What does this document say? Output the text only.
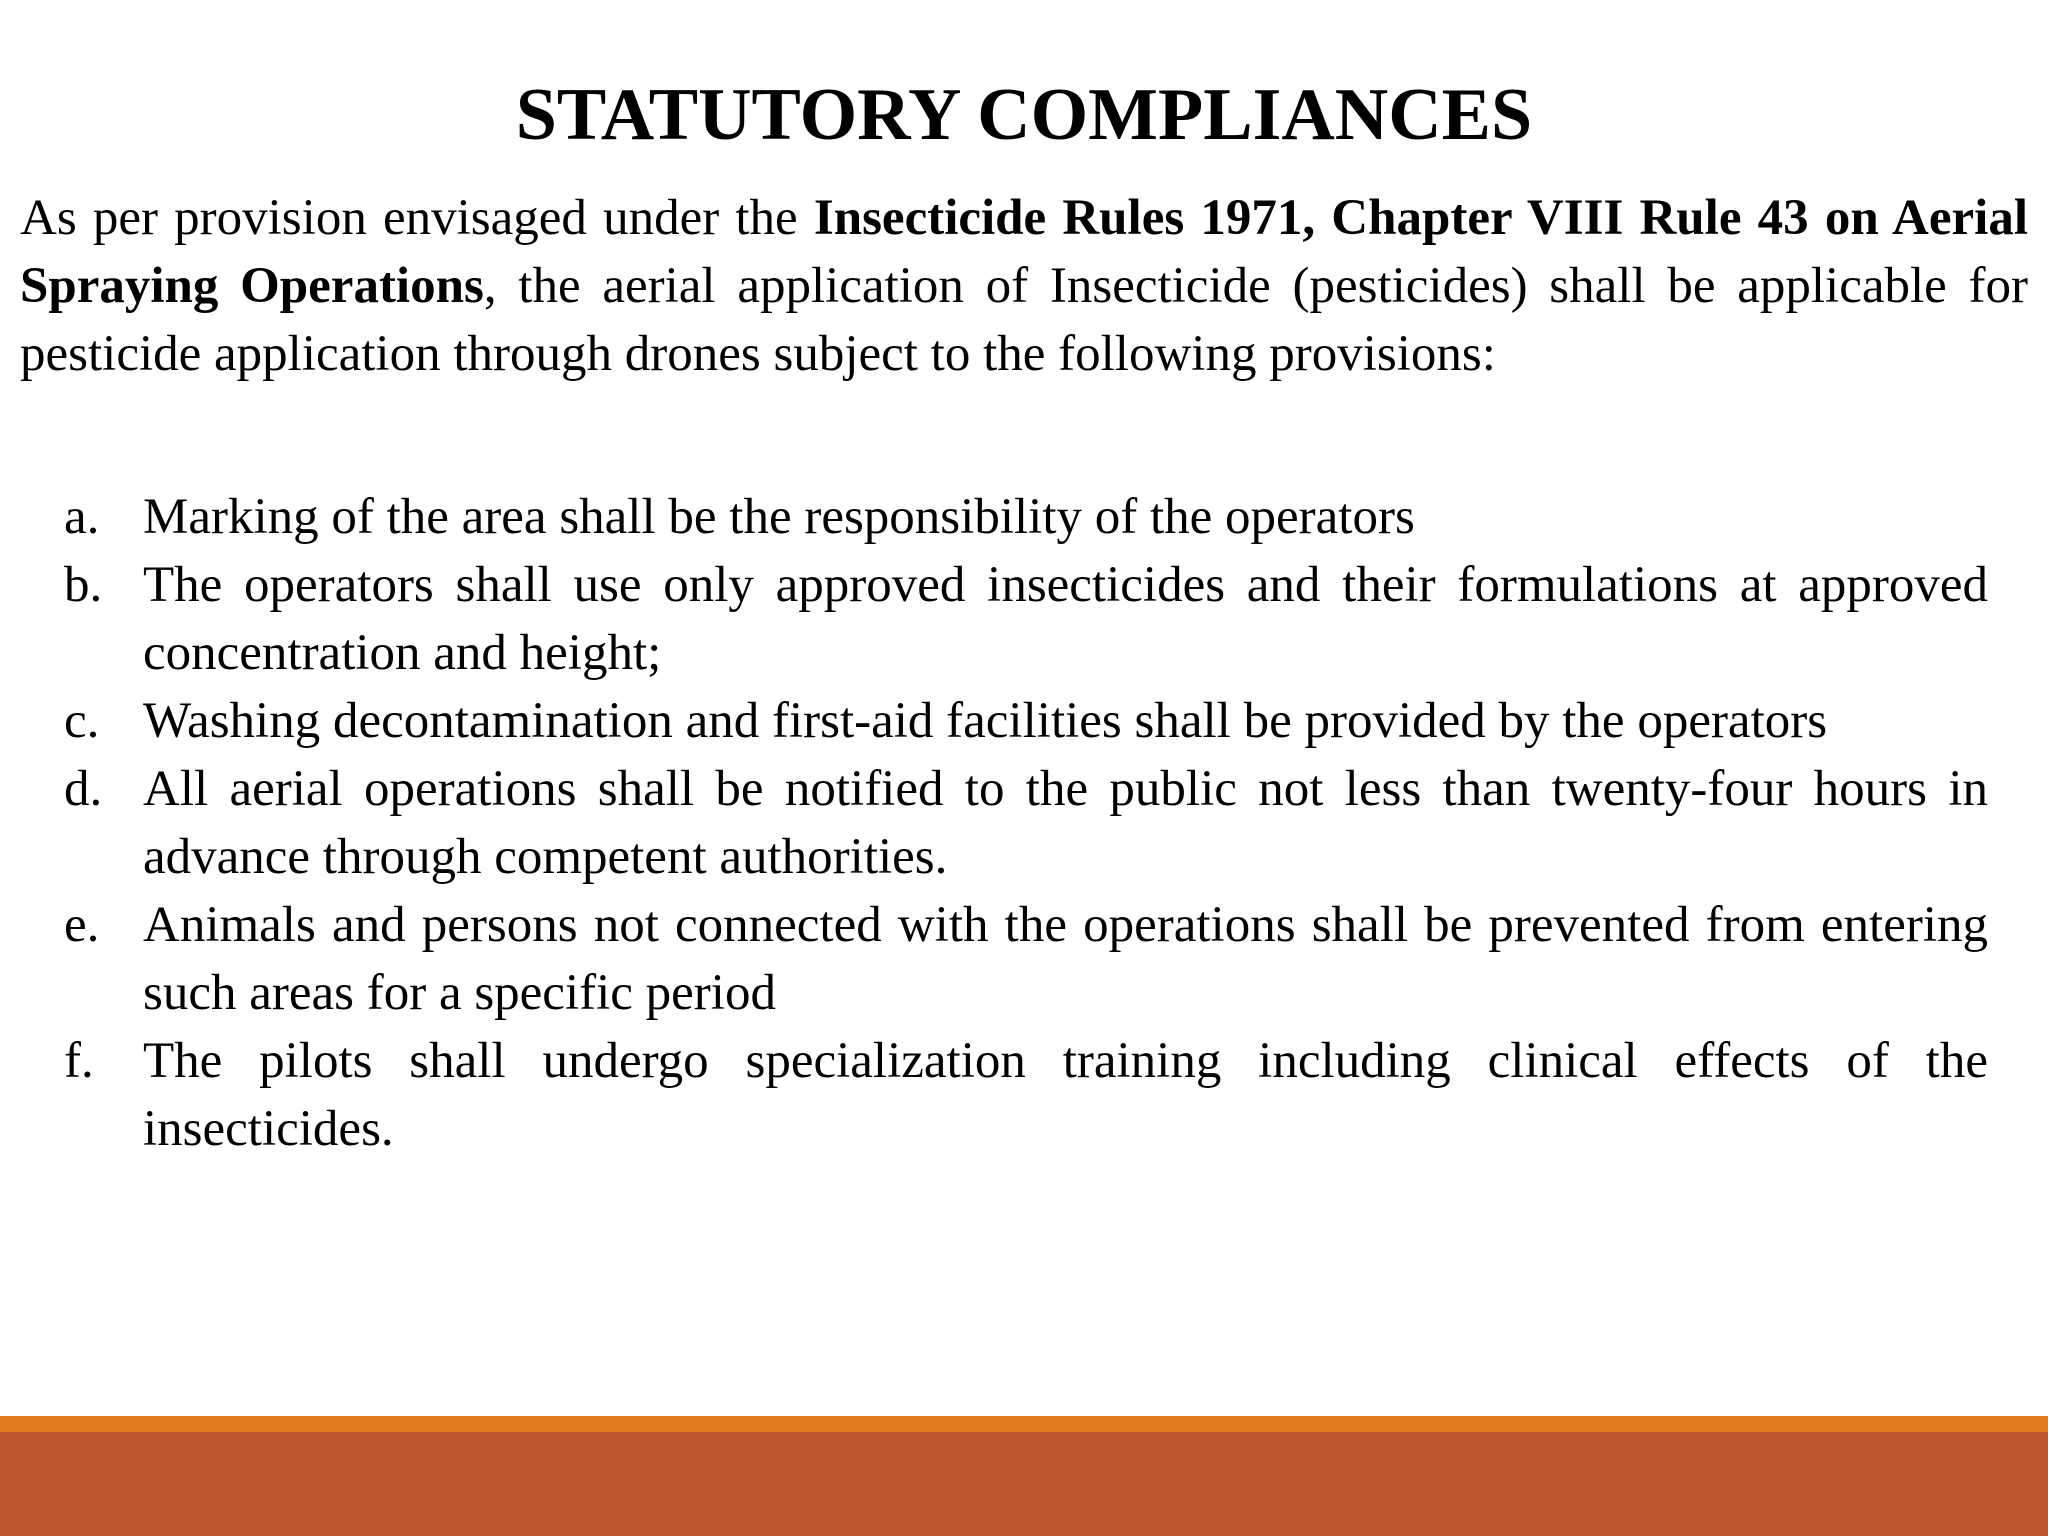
STATUTORY COMPLIANCES

As per provision envisaged under the Insecticide Rules 1971, Chapter VIII Rule 43 on Aerial Spraying Operations, the aerial application of Insecticide (pesticides) shall be applicable for pesticide application through drones subject to the following provisions:

a. Marking of the area shall be the responsibility of the operators
b. The operators shall use only approved insecticides and their formulations at approved concentration and height;
c. Washing decontamination and first-aid facilities shall be provided by the operators
d. All aerial operations shall be notified to the public not less than twenty-four hours in advance through competent authorities.
e. Animals and persons not connected with the operations shall be prevented from entering such areas for a specific period
f. The pilots shall undergo specialization training including clinical effects of the insecticides.
